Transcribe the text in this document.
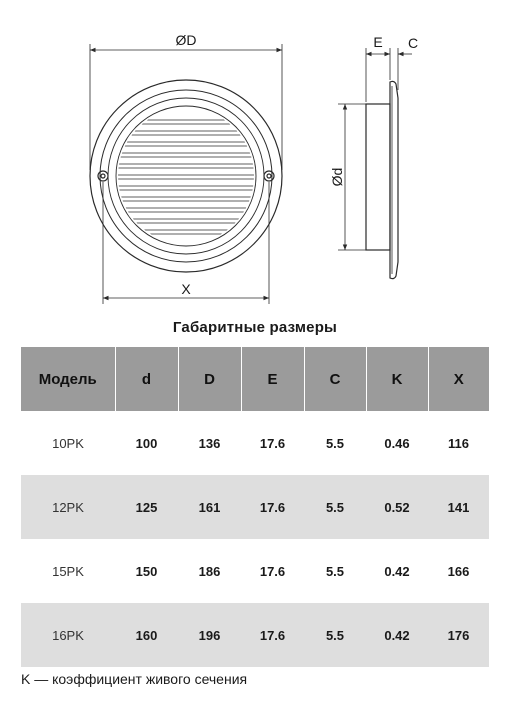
ØD
X
E C
Ød
Габаритные размеры
Модель	d	D	E	C	K	X
10PK	100	136	17.6	5.5	0.46	116
12PK	125	161	17.6	5.5	0.52	141
15PK	150	186	17.6	5.5	0.42	166
16PK	160	196	17.6	5.5	0.42	176
K — коэффициент живого сечения
